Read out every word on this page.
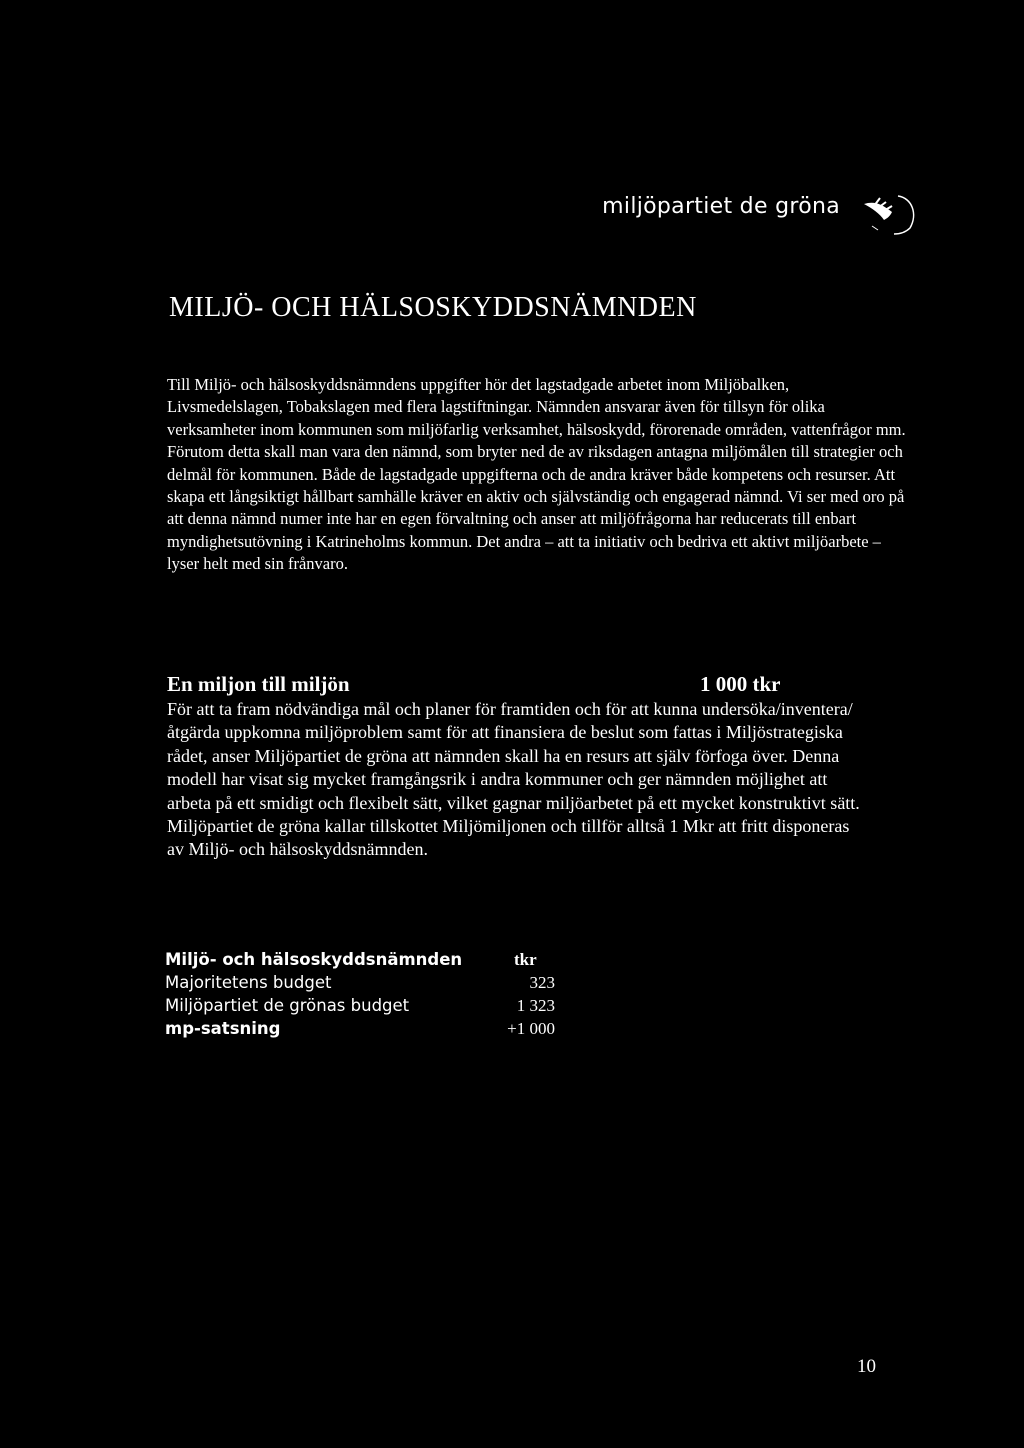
miljöpartiet de gröna
MILJÖ- OCH HÄLSOSKYDDSNÄMNDEN

Till Miljö- och hälsoskyddsnämndens uppgifter hör det lagstadgade arbetet inom Miljöbalken, Livsmedelslagen, Tobakslagen med flera lagstiftningar. Nämnden ansvarar även för tillsyn för olika verksamheter inom kommunen som miljöfarlig verksamhet, hälsoskydd, förorenade områden, vattenfrågor mm. Förutom detta skall man vara den nämnd, som bryter ned de av riksdagen antagna miljömålen till strategier och delmål för kommunen. Både de lagstadgade uppgifterna och de andra kräver både kompetens och resurser. Att skapa ett långsiktigt hållbart samhälle kräver en aktiv och självständig och engagerad nämnd. Vi ser med oro på att denna nämnd numer inte har en egen förvaltning och anser att miljöfrågorna har reducerats till enbart myndighetsutövning i Katrineholms kommun. Det andra – att ta initiativ och bedriva ett aktivt miljöarbete – lyser helt med sin frånvaro.

En miljon till miljön	1 000 tkr

För att ta fram nödvändiga mål och planer för framtiden och för att kunna undersöka/inventera/åtgärda uppkomna miljöproblem samt för att finansiera de beslut som fattas i Miljöstrategiska rådet, anser Miljöpartiet de gröna att nämnden skall ha en resurs att själv förfoga över. Denna modell har visat sig mycket framgångsrik i andra kommuner och ger nämnden möjlighet att arbeta på ett smidigt och flexibelt sätt, vilket gagnar miljöarbetet på ett mycket konstruktivt sätt.

Miljöpartiet de gröna kallar tillskottet Miljömiljonen och tillför alltså 1 Mkr att fritt disponeras av Miljö- och hälsoskyddsnämnden.

Miljö- och hälsoskyddsnämnden	tkr
Majoritetens budget	323
Miljöpartiet de grönas budget	1 323
mp-satsning	+1 000
10
